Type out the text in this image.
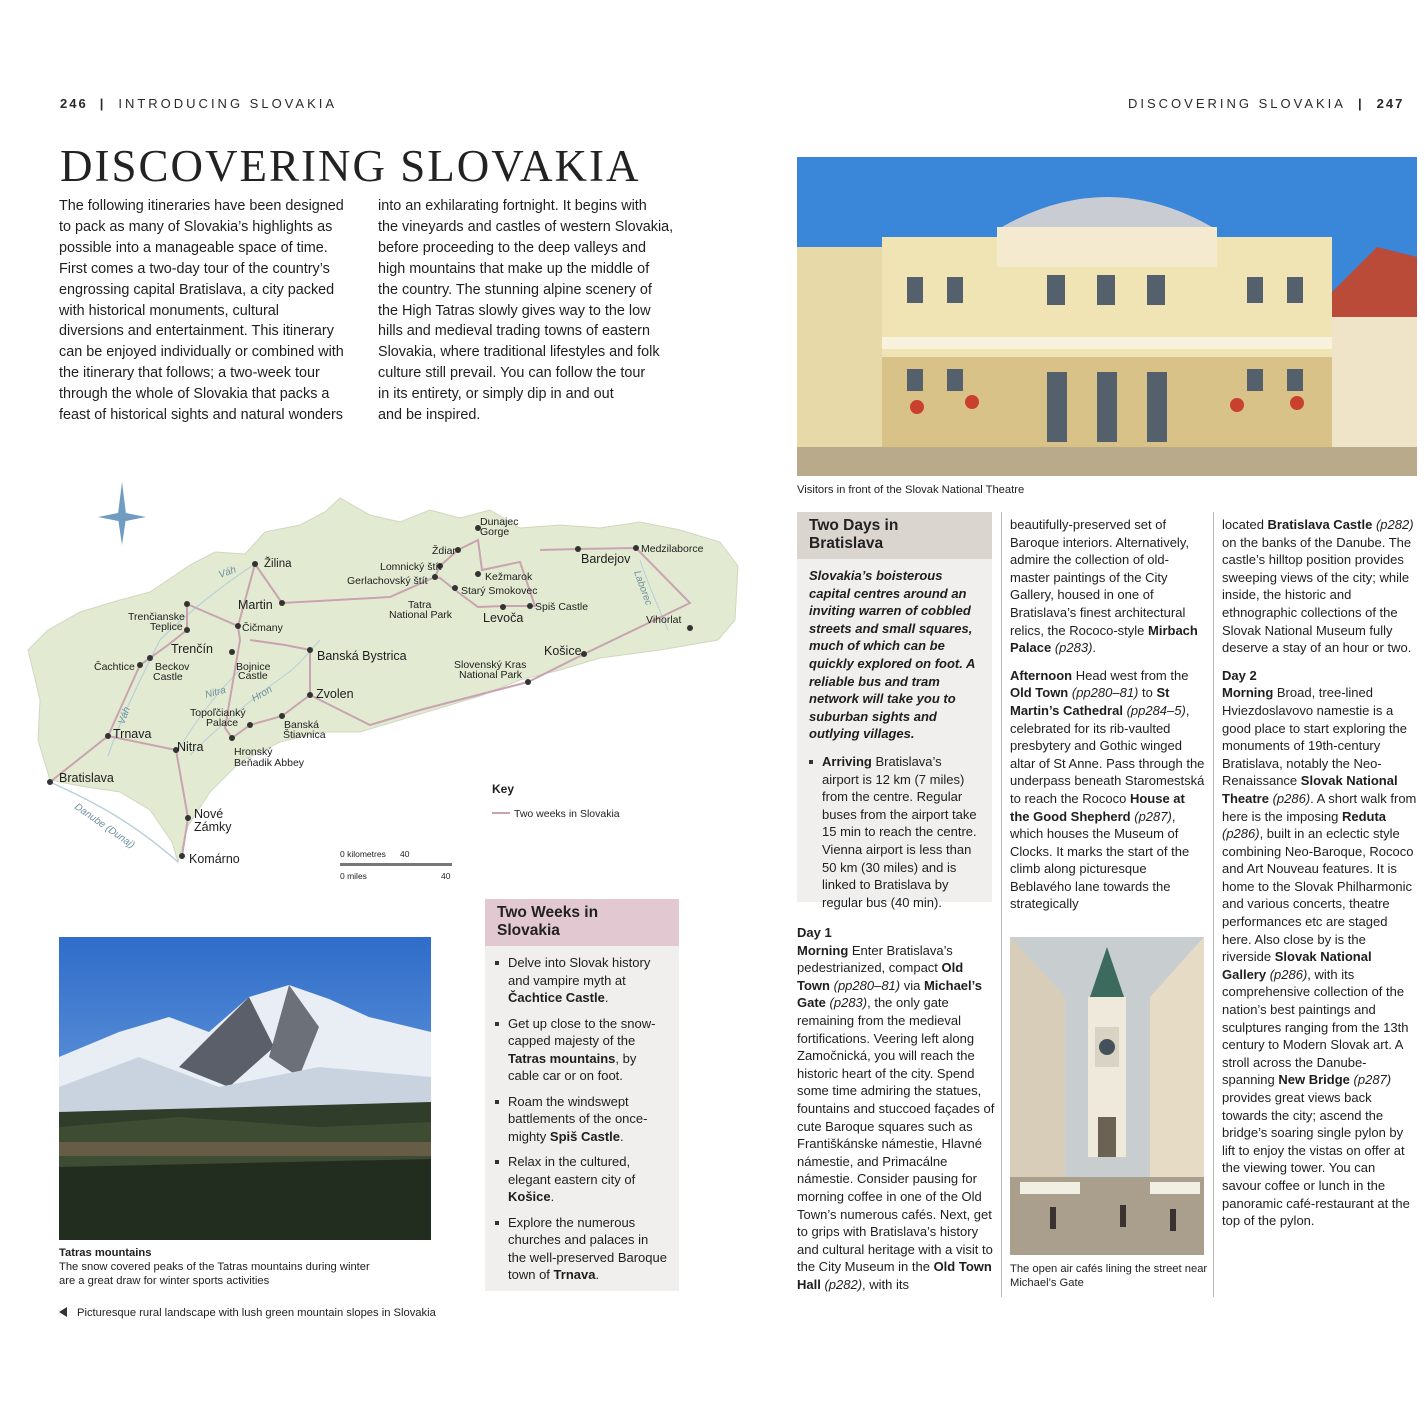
246 | INTRODUCING SLOVAKIA	DISCOVERING SLOVAKIA | 247
DISCOVERING SLOVAKIA
The following itineraries have been designed
to pack as many of Slovakia’s highlights as
possible into a manageable space of time.
First comes a two-day tour of the country’s
engrossing capital Bratislava, a city packed
with historical monuments, cultural
diversions and entertainment. This itinerary
can be enjoyed individually or combined with
the itinerary that follows; a two-week tour
through the whole of Slovakia that packs a
feast of historical sights and natural wonders
into an exhilarating fortnight. It begins with
the vineyards and castles of western Slovakia,
before proceeding to the deep valleys and
high mountains that make up the middle of
the country. The stunning alpine scenery of
the High Tatras slowly gives way to the low
hills and medieval trading towns of eastern
Slovakia, where traditional lifestyles and folk
culture still prevail. You can follow the tour
in its entirety, or simply dip in and out
and be inspired.
Žilina
Martin
Trenčianske
Teplice
Trenčín
Čachtice Beckov
Castle
Čičmany
Bojnice
Castle
Banská Bystrica
Zvolen
Topoľčianký
Palace	Banská
Štiavnica
Hronský
Beňadik Abbey
Nitra
Trnava
Bratislava
Nové
Zámky
Komárno
Dunajec
Gorge
Ždiar
Lomnický štít
Gerlachovský štít	Kežmarok
Starý Smokovec
Tatra
National Park Levoča
Spiš Castle
Bardejov
Medzilaborce
Vihorlat
Košice
Slovenský Kras
National Park
Váh
Váh
Nitra Hron
Danube (Dunaj)
Laborec
Key
Two weeks in Slovakia
0 kilometres 40
0 miles	40
Tatras mountains
The snow covered peaks of the Tatras mountains during winter
are a great draw for winter sports activities
Picturesque rural landscape with lush green mountain slopes in Slovakia
Two Weeks in
Slovakia
Delve into Slovak history and vampire myth at Čachtice Castle.
Get up close to the snow-capped majesty of the Tatras mountains, by cable car or on foot.
Roam the windswept battlements of the once-mighty Spiš Castle.
Relax in the cultured, elegant eastern city of Košice.
Explore the numerous churches and palaces in the well-preserved Baroque town of Trnava.
Visitors in front of the Slovak National Theatre
Two Days in
Bratislava
Slovakia’s boisterous capital centres around an inviting warren of cobbled streets and small squares, much of which can be quickly explored on foot. A reliable bus and tram network will take you to suburban sights and outlying villages.
Arriving Bratislava’s airport is 12 km (7 miles) from the centre. Regular buses from the airport take 15 min to reach the centre. Vienna airport is less than 50 km (30 miles) and is linked to Bratislava by regular bus (40 min).
Day 1
Morning Enter Bratislava’s pedestrianized, compact Old Town (pp280–81) via Michael’s Gate (p283), the only gate remaining from the medieval fortifications. Veering left along Zamočnická, you will reach the historic heart of the city. Spend some time admiring the statues, fountains and stuccoed façades of cute Baroque squares such as Františkánske námestie, Hlavné námestie, and Primacálne námestie. Consider pausing for morning coffee in one of the Old Town’s numerous cafés. Next, get to grips with Bratislava’s history and cultural heritage with a visit to the City Museum in the Old Town Hall (p282), with its
beautifully-preserved set of Baroque interiors. Alternatively, admire the collection of old-master paintings of the City Gallery, housed in one of Bratislava’s finest architectural relics, the Rococo-style Mirbach Palace (p283).
Afternoon Head west from the Old Town (pp280–81) to St Martin’s Cathedral (pp284–5), celebrated for its rib-vaulted presbytery and Gothic winged altar of St Anne. Pass through the underpass beneath Staromestská to reach the Rococo House at the Good Shepherd (p287), which houses the Museum of Clocks. It marks the start of the climb along picturesque Beblavého lane towards the strategically
The open air cafés lining the street near
Michael’s Gate
located Bratislava Castle (p282) on the banks of the Danube. The castle’s hilltop position provides sweeping views of the city; while inside, the historic and ethnographic collections of the Slovak National Museum fully deserve a stay of an hour or two.
Day 2
Morning Broad, tree-lined Hviezdoslavovo namestie is a good place to start exploring the monuments of 19th-century Bratislava, notably the Neo-Renaissance Slovak National Theatre (p286). A short walk from here is the imposing Reduta (p286), built in an eclectic style combining Neo-Baroque, Rococo and Art Nouveau features. It is home to the Slovak Philharmonic and various concerts, theatre performances etc are staged here. Also close by is the riverside Slovak National Gallery (p286), with its comprehensive collection of the nation’s best paintings and sculptures ranging from the 13th century to Modern Slovak art. A stroll across the Danube-spanning New Bridge (p287) provides great views back towards the city; ascend the bridge’s soaring single pylon by lift to enjoy the vistas on offer at the viewing tower. You can savour coffee or lunch in the panoramic café-restaurant at the top of the pylon.
